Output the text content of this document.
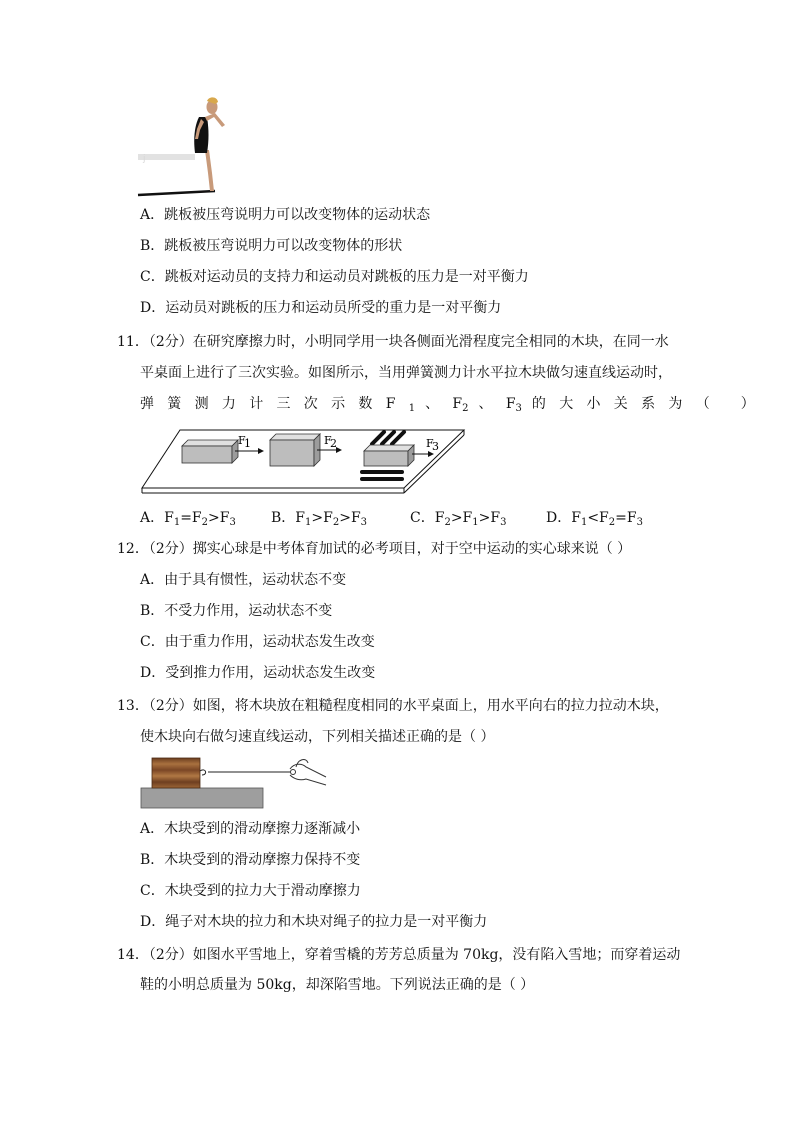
j
A．跳板被压弯说明力可以改变物体的运动状态
B．跳板被压弯说明力可以改变物体的形状
C．跳板对运动员的支持力和运动员对跳板的压力是一对平衡力
D．运动员对跳板的压力和运动员所受的重力是一对平衡力
11．（2分）在研究摩擦力时，小明同学用一块各侧面光滑程度完全相同的木块，在同一水
平桌面上进行了三次实验。如图所示，当用弹簧测力计水平拉木块做匀速直线运动时，
弹簧测力计三次示数$F_1$ 、$F_2$ 、$F_3$ 的大小关系为（ ）
F
1	F
2	F
3
A．$F_1=F_2>F_3$	B．$F_1>F_2>F_3$	C．$F_2>F_1>F_3$	D．$F_1<F_2=F_3$
12．（2分）掷实心球是中考体育加试的必考项目，对于空中运动的实心球来说（ ）
A．由于具有惯性，运动状态不变
B．不受力作用，运动状态不变
C．由于重力作用，运动状态发生改变
D．受到推力作用，运动状态发生改变
13．（2分）如图，将木块放在粗糙程度相同的水平桌面上，用水平向右的拉力拉动木块，
使木块向右做匀速直线运动，下列相关描述正确的是（ ）
A．木块受到的滑动摩擦力逐渐减小
B．木块受到的滑动摩擦力保持不变
C．木块受到的拉力大于滑动摩擦力
D．绳子对木块的拉力和木块对绳子的拉力是一对平衡力
14．（2分）如图水平雪地上，穿着雪橇的芳芳总质量为 70kg，没有陷入雪地；而穿着运动
鞋的小明总质量为 50kg，却深陷雪地。下列说法正确的是（ ）
